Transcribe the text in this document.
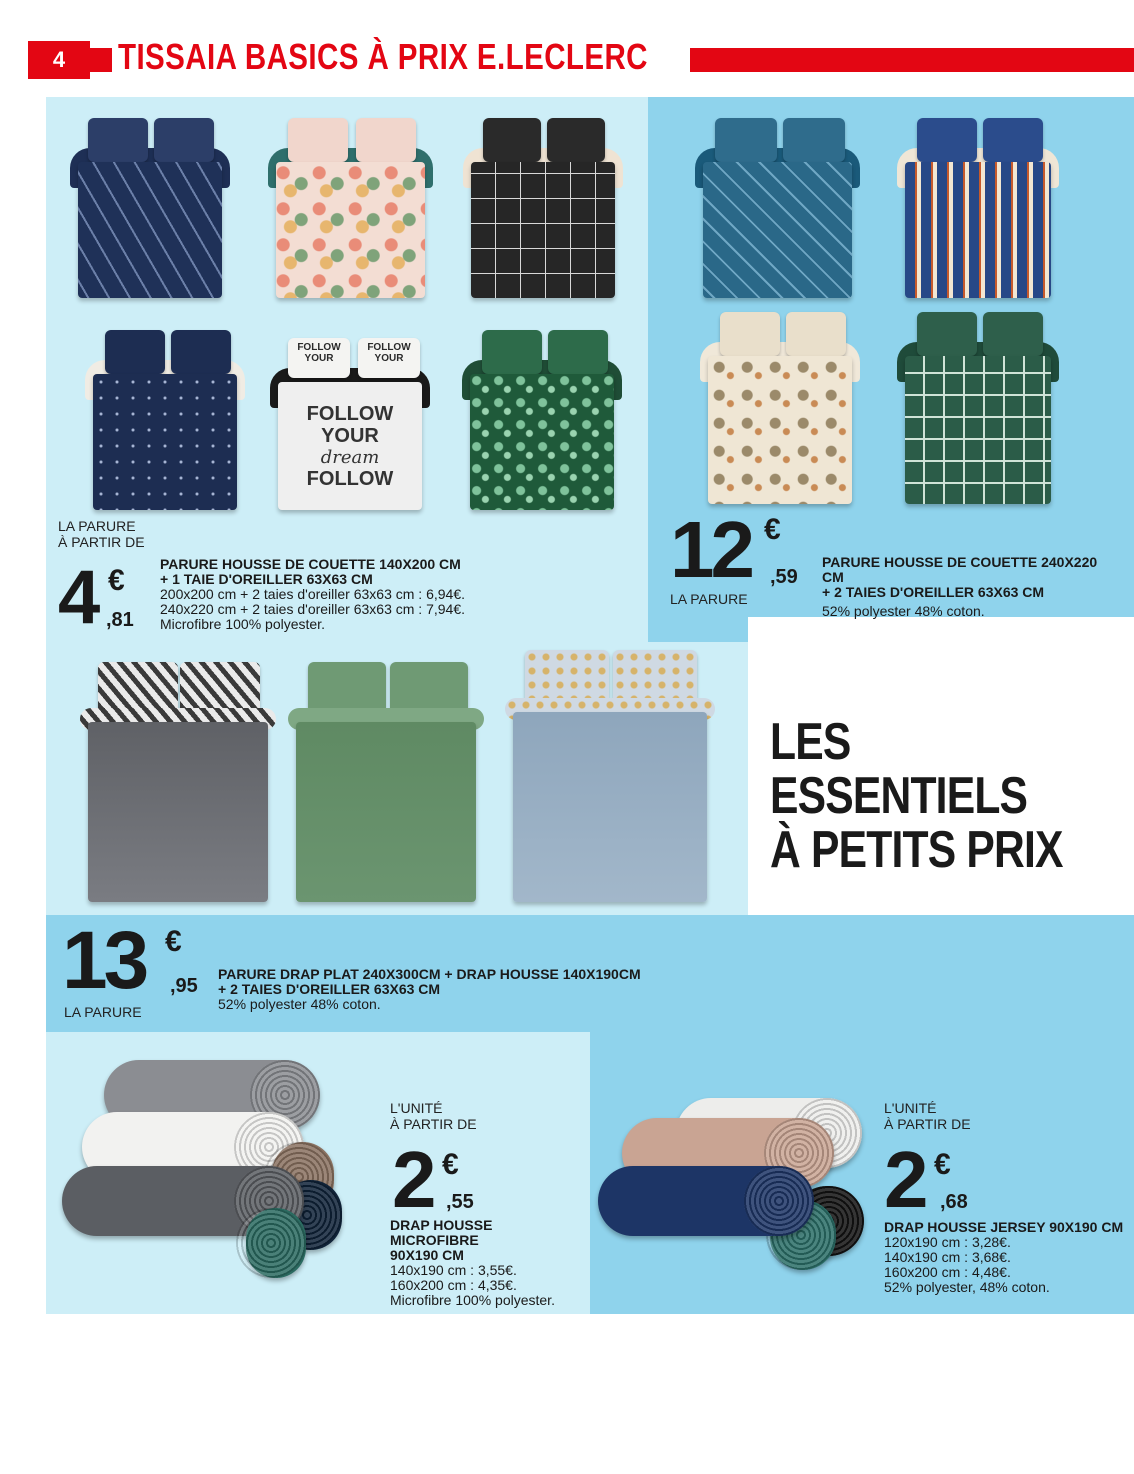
4	TISSAIA BASICS À PRIX E.LECLERC
FOLLOW
YOUR
FOLLOW
YOUR
FOLLOW
YOUR
dream
FOLLOW
LA PARURE
À PARTIR DE
4 €
,81
PARURE HOUSSE DE COUETTE 140X200 CM
+ 1 TAIE D'OREILLER 63X63 CM
200x200 cm + 2 taies d'oreiller 63x63 cm : 6,94€.
240x220 cm + 2 taies d'oreiller 63x63 cm : 7,94€.
Microfibre 100% polyester.
12 €
,59
LA PARURE
PARURE HOUSSE DE COUETTE 240X220 CM
+ 2 TAIES D'OREILLER 63X63 CM
52% polyester 48% coton.
LES ESSENTIELS
À PETITS PRIX
13 €
,95
LA PARURE
PARURE DRAP PLAT 240X300CM + DRAP HOUSSE 140X190CM
+ 2 TAIES D'OREILLER 63X63 CM
52% polyester 48% coton.
L'UNITÉ
À PARTIR DE
2 €
,55
DRAP HOUSSE MICROFIBRE
90X190 CM
140x190 cm : 3,55€.
160x200 cm : 4,35€.
Microfibre 100% polyester.
L'UNITÉ
À PARTIR DE
2 €
,68
DRAP HOUSSE JERSEY 90X190 CM
120x190 cm : 3,28€.
140x190 cm : 3,68€.
160x200 cm : 4,48€.
52% polyester, 48% coton.
